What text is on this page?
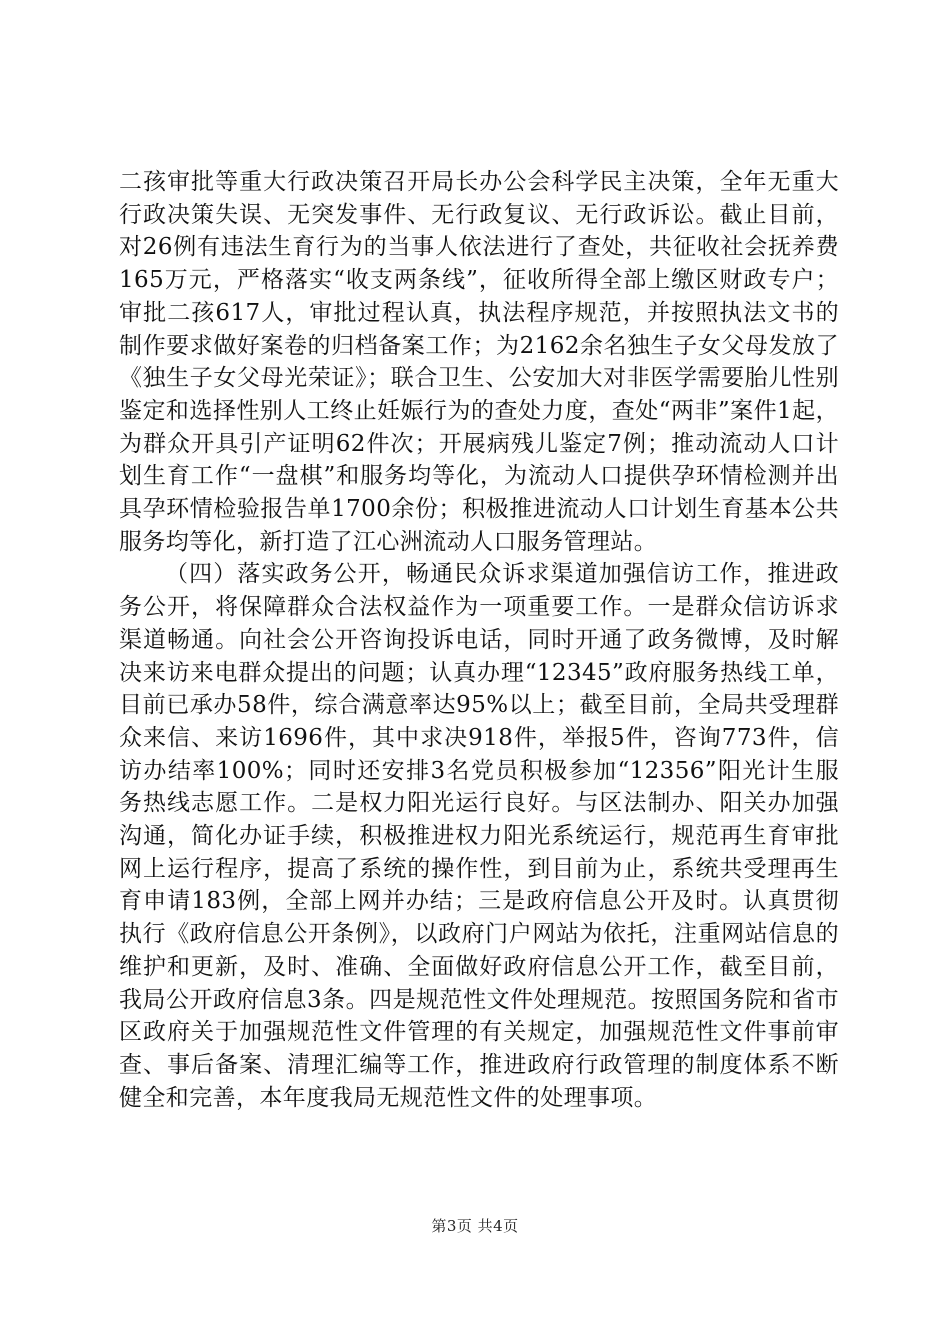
二孩审批等重大行政决策召开局长办公会科学民主决策，全年无重大行政决策失误、无突发事件、无行政复议、无行政诉讼。截止目前，对26例有违法生育行为的当事人依法进行了查处，共征收社会抚养费165万元，严格落实“收支两条线”，征收所得全部上缴区财政专户；审批二孩617人，审批过程认真，执法程序规范，并按照执法文书的制作要求做好案卷的归档备案工作；为2162余名独生子女父母发放了《独生子女父母光荣证》；联合卫生、公安加大对非医学需要胎儿性别鉴定和选择性别人工终止妊娠行为的查处力度，查处“两非”案件1起，为群众开具引产证明62件次；开展病残儿鉴定7例；推动流动人口计划生育工作“一盘棋”和服务均等化，为流动人口提供孕环情检测并出具孕环情检验报告单1700余份；积极推进流动人口计划生育基本公共服务均等化，新打造了江心洲流动人口服务管理站。

（四）落实政务公开，畅通民众诉求渠道加强信访工作，推进政务公开，将保障群众合法权益作为一项重要工作。一是群众信访诉求渠道畅通。向社会公开咨询投诉电话，同时开通了政务微博，及时解决来访来电群众提出的问题；认真办理“12345”政府服务热线工单，目前已承办58件，综合满意率达95%以上；截至目前，全局共受理群众来信、来访1696件，其中求决918件，举报5件，咨询773件，信访办结率100%；同时还安排3名党员积极参加“12356”阳光计生服务热线志愿工作。二是权力阳光运行良好。与区法制办、阳关办加强沟通，简化办证手续，积极推进权力阳光系统运行，规范再生育审批网上运行程序，提高了系统的操作性，到目前为止，系统共受理再生育申请183例，全部上网并办结；三是政府信息公开及时。认真贯彻执行《政府信息公开条例》，以政府门户网站为依托，注重网站信息的维护和更新，及时、准确、全面做好政府信息公开工作，截至目前，我局公开政府信息3条。四是规范性文件处理规范。按照国务院和省市区政府关于加强规范性文件管理的有关规定，加强规范性文件事前审查、事后备案、清理汇编等工作，推进政府行政管理的制度体系不断健全和完善，本年度我局无规范性文件的处理事项。

第3页 共4页
